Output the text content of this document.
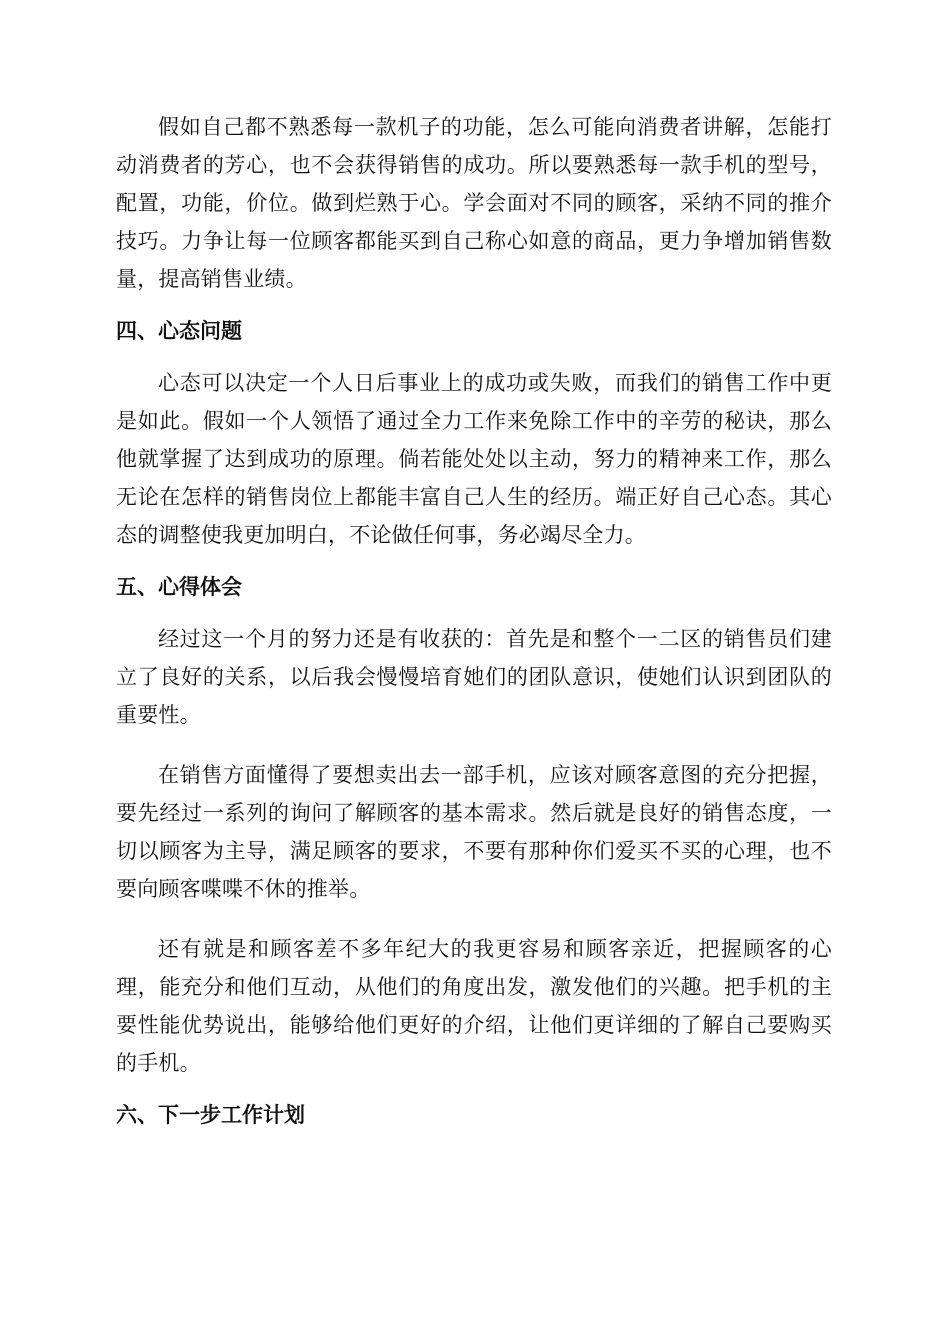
假如自己都不熟悉每一款机子的功能，怎么可能向消费者讲解，怎能打动消费者的芳心，也不会获得销售的成功。所以要熟悉每一款手机的型号，配置，功能，价位。做到烂熟于心。学会面对不同的顾客，采纳不同的推介技巧。力争让每一位顾客都能买到自己称心如意的商品，更力争增加销售数量，提高销售业绩。

四、心态问题

心态可以决定一个人日后事业上的成功或失败，而我们的销售工作中更是如此。假如一个人领悟了通过全力工作来免除工作中的辛劳的秘诀，那么他就掌握了达到成功的原理。倘若能处处以主动，努力的精神来工作，那么无论在怎样的销售岗位上都能丰富自己人生的经历。端正好自己心态。其心态的调整使我更加明白，不论做任何事，务必竭尽全力。

五、心得体会

经过这一个月的努力还是有收获的：首先是和整个一二区的销售员们建立了良好的关系，以后我会慢慢培育她们的团队意识，使她们认识到团队的重要性。

在销售方面懂得了要想卖出去一部手机，应该对顾客意图的充分把握，要先经过一系列的询问了解顾客的基本需求。然后就是良好的销售态度，一切以顾客为主导，满足顾客的要求，不要有那种你们爱买不买的心理，也不要向顾客喋喋不休的推举。

还有就是和顾客差不多年纪大的我更容易和顾客亲近，把握顾客的心理，能充分和他们互动，从他们的角度出发，激发他们的兴趣。把手机的主要性能优势说出，能够给他们更好的介绍，让他们更详细的了解自己要购买的手机。

六、下一步工作计划
